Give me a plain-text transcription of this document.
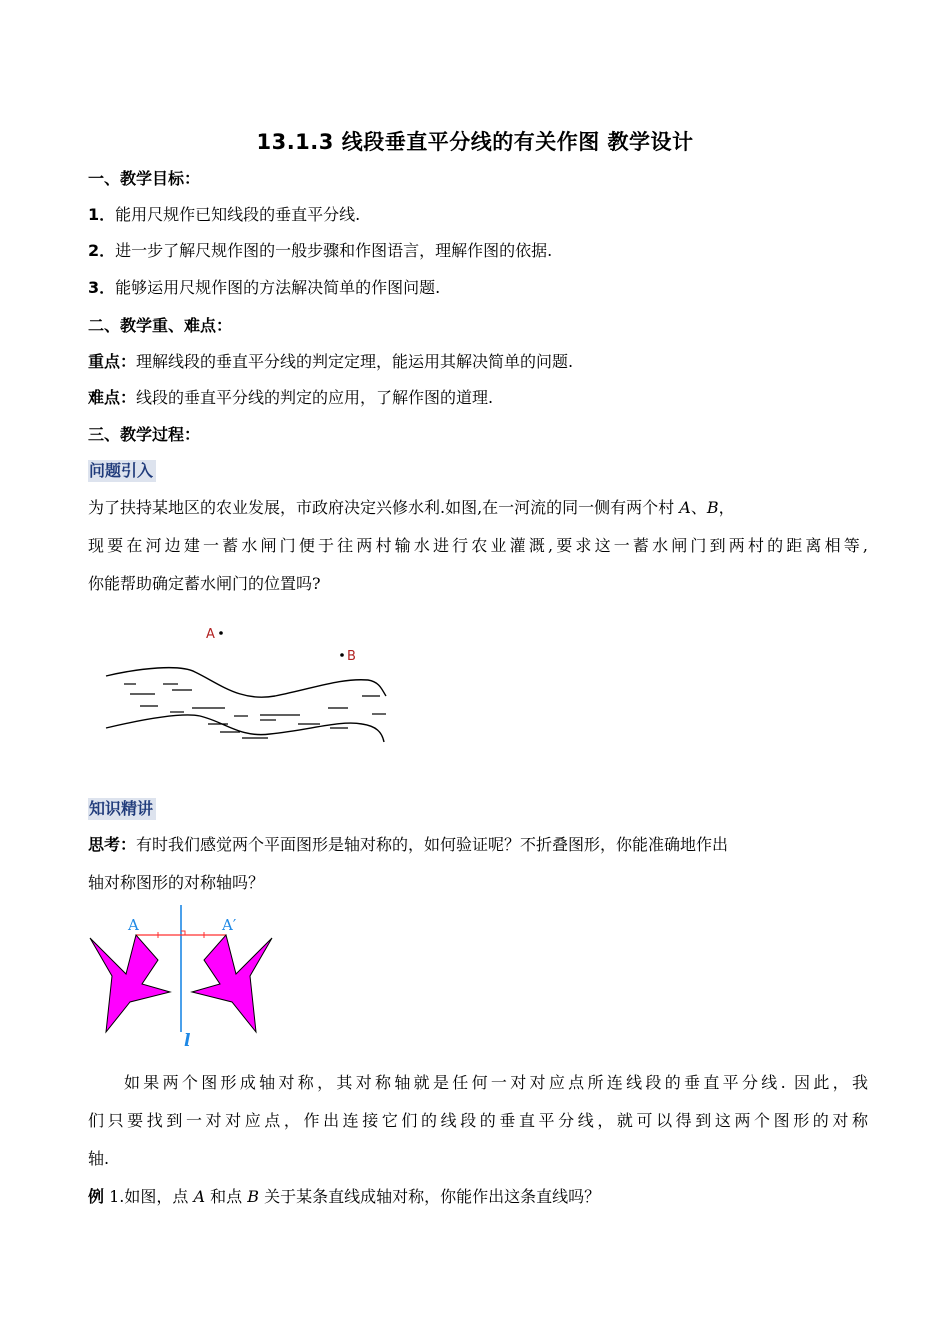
13.1.3 线段垂直平分线的有关作图 教学设计
一、教学目标：
1．能用尺规作已知线段的垂直平分线.
2．进一步了解尺规作图的一般步骤和作图语言，理解作图的依据.
3．能够运用尺规作图的方法解决简单的作图问题.
二、教学重、难点：
重点：理解线段的垂直平分线的判定定理，能运用其解决简单的问题.
难点：线段的垂直平分线的判定的应用，了解作图的道理.
三、教学过程：
问题引入
为了扶持某地区的农业发展，市政府决定兴修水利.如图,在一河流的同一侧有两个村 A、B，
现要在河边建一蓄水闸门便于往两村输水进行农业灌溉,要求这一蓄水闸门到两村的距离相等,
你能帮助确定蓄水闸门的位置吗?
A
B
知识精讲
思考：有时我们感觉两个平面图形是轴对称的，如何验证呢？不折叠图形，你能准确地作出
轴对称图形的对称轴吗？
A	A′
l
如果两个图形成轴对称，其对称轴就是任何一对对应点所连线段的垂直平分线. 因此，我
们只要找到一对对应点，作出连接它们的线段的垂直平分线，就可以得到这两个图形的对称
轴.
例 1.如图，点 A 和点 B 关于某条直线成轴对称，你能作出这条直线吗？
